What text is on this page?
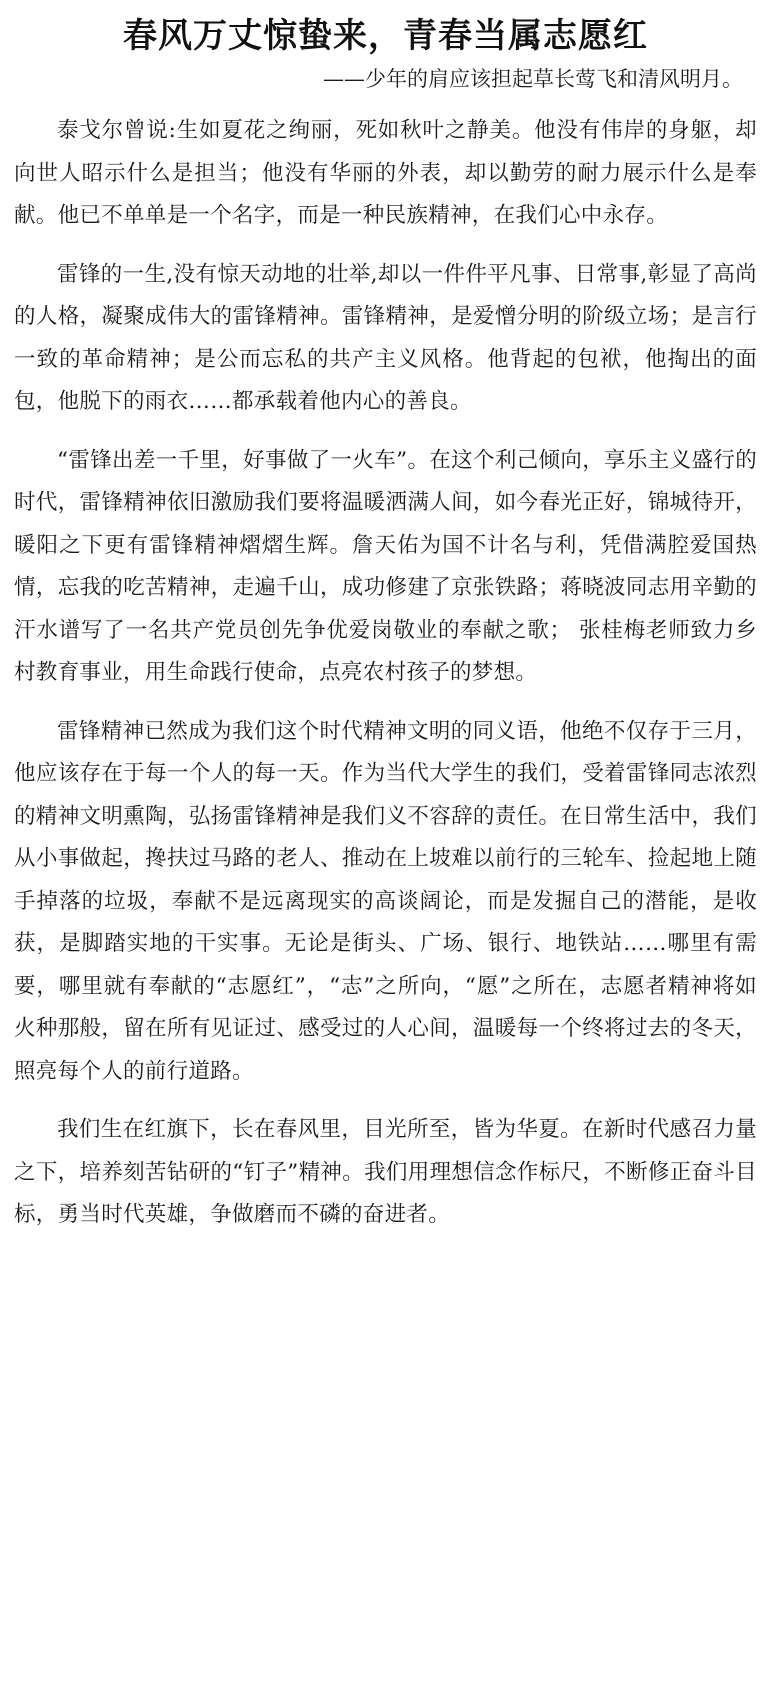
春风万丈惊蛰来，青春当属志愿红
——少年的肩应该担起草长莺飞和清风明月。

泰戈尔曾说:生如夏花之绚丽，死如秋叶之静美。他没有伟岸的身躯，却向世人昭示什么是担当；他没有华丽的外表，却以勤劳的耐力展示什么是奉献。他已不单单是一个名字，而是一种民族精神，在我们心中永存。

雷锋的一生,没有惊天动地的壮举,却以一件件平凡事、日常事,彰显了高尚的人格，凝聚成伟大的雷锋精神。雷锋精神，是爱憎分明的阶级立场；是言行一致的革命精神；是公而忘私的共产主义风格。他背起的包袱，他掏出的面包，他脱下的雨衣……都承载着他内心的善良。

“雷锋出差一千里，好事做了一火车”。在这个利己倾向，享乐主义盛行的时代，雷锋精神依旧激励我们要将温暖洒满人间，如今春光正好，锦城待开，暖阳之下更有雷锋精神熠熠生辉。詹天佑为国不计名与利，凭借满腔爱国热情，忘我的吃苦精神，走遍千山，成功修建了京张铁路；蒋晓波同志用辛勤的汗水谱写了一名共产党员创先争优爱岗敬业的奉献之歌； 张桂梅老师致力乡村教育事业，用生命践行使命，点亮农村孩子的梦想。

雷锋精神已然成为我们这个时代精神文明的同义语，他绝不仅存于三月，他应该存在于每一个人的每一天。作为当代大学生的我们，受着雷锋同志浓烈的精神文明熏陶，弘扬雷锋精神是我们义不容辞的责任。在日常生活中，我们从小事做起，搀扶过马路的老人、推动在上坡难以前行的三轮车、捡起地上随手掉落的垃圾，奉献不是远离现实的高谈阔论，而是发掘自己的潜能，是收获，是脚踏实地的干实事。无论是街头、广场、银行、地铁站……哪里有需要，哪里就有奉献的“志愿红”，“志”之所向，“愿”之所在，志愿者精神将如火种那般，留在所有见证过、感受过的人心间，温暖每一个终将过去的冬天，照亮每个人的前行道路。

我们生在红旗下，长在春风里，目光所至，皆为华夏。在新时代感召力量之下，培养刻苦钻研的“钉子”精神。我们用理想信念作标尺，不断修正奋斗目标，勇当时代英雄，争做磨而不磷的奋进者。
